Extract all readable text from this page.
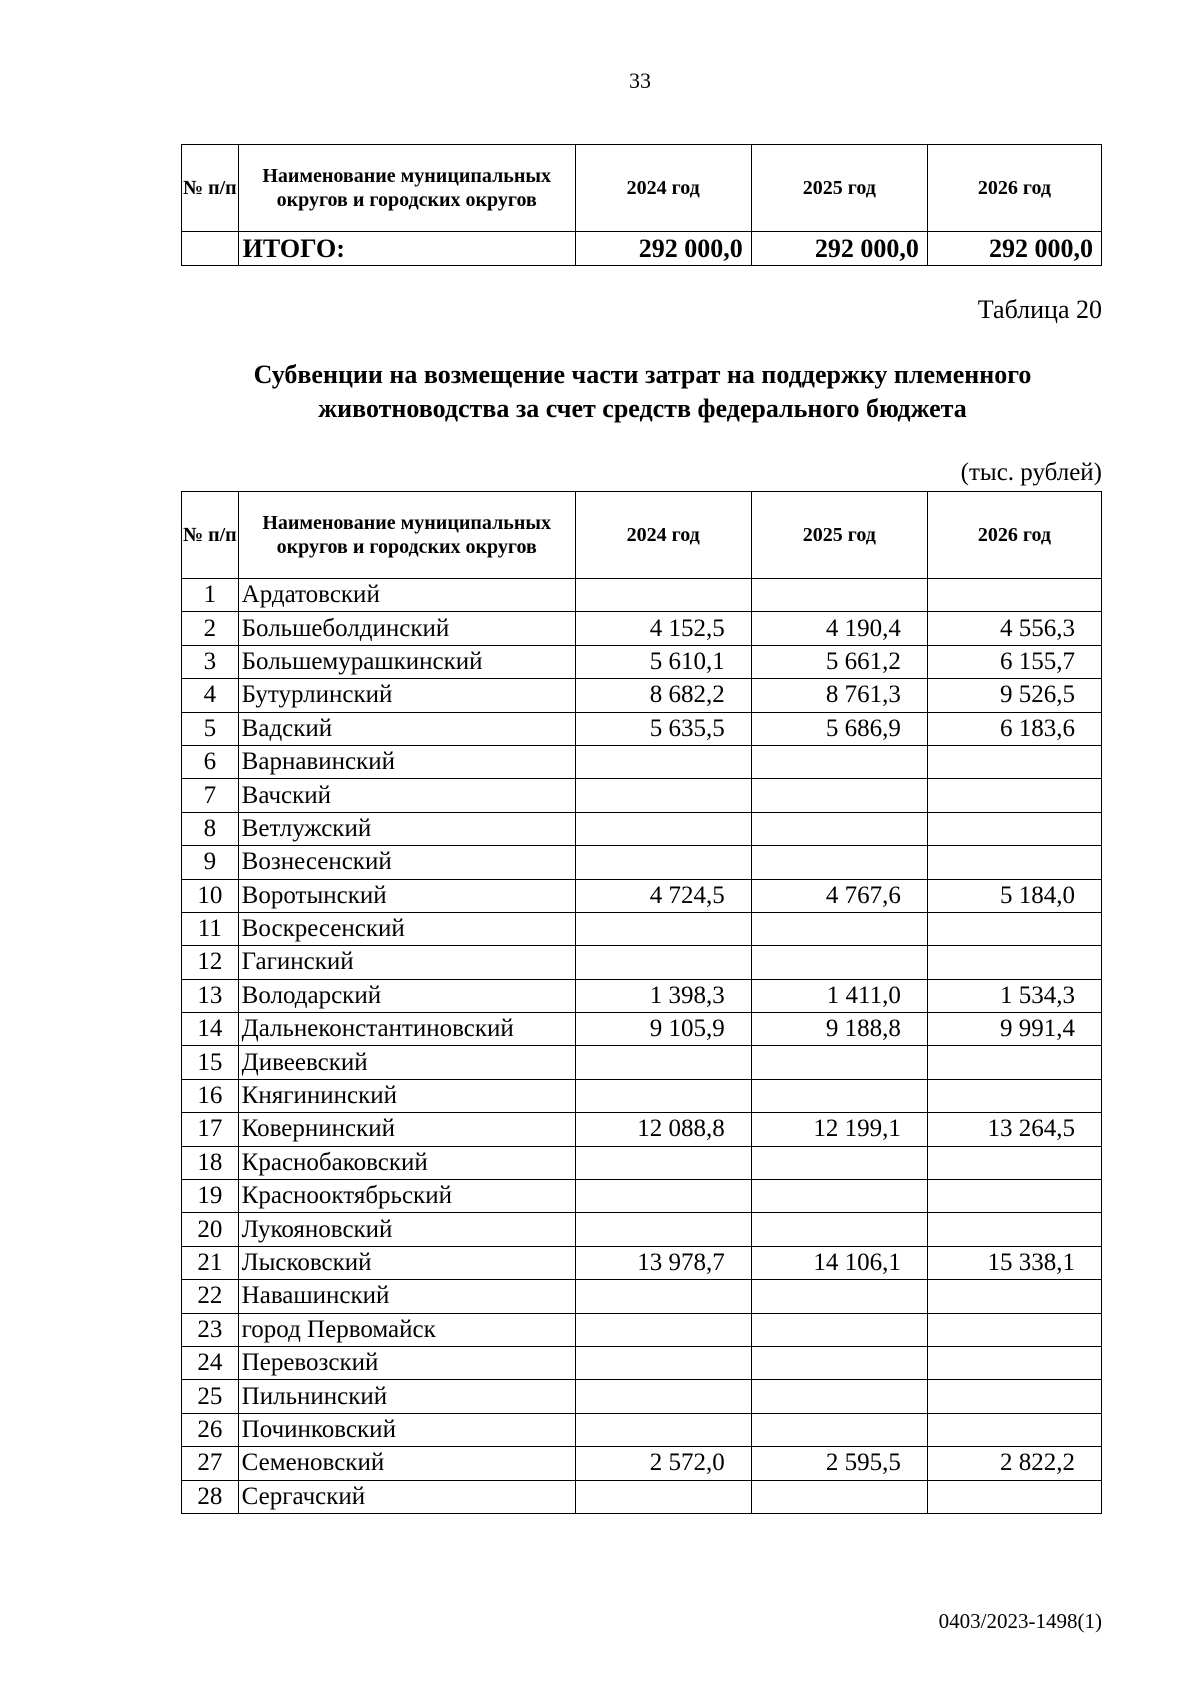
33
№ п/п	Наименование муниципальных округов и городских округов	2024 год	2025 год	2026 год
	ИТОГО:	292 000,0	292 000,0	292 000,0
Таблица 20
Субвенции на возмещение части затрат на поддержку племенного животноводства за счет средств федерального бюджета
(тыс. рублей)
№ п/п	Наименование муниципальных округов и городских округов	2024 год	2025 год	2026 год
1	Ардатовский			
2	Большеболдинский	4 152,5	4 190,4	4 556,3
3	Большемурашкинский	5 610,1	5 661,2	6 155,7
4	Бутурлинский	8 682,2	8 761,3	9 526,5
5	Вадский	5 635,5	5 686,9	6 183,6
6	Варнавинский			
7	Вачский			
8	Ветлужский			
9	Вознесенский			
10	Воротынский	4 724,5	4 767,6	5 184,0
11	Воскресенский			
12	Гагинский			
13	Володарский	1 398,3	1 411,0	1 534,3
14	Дальнеконстантиновский	9 105,9	9 188,8	9 991,4
15	Дивеевский			
16	Княгининский			
17	Ковернинский	12 088,8	12 199,1	13 264,5
18	Краснобаковский			
19	Краснооктябрьский			
20	Лукояновский			
21	Лысковский	13 978,7	14 106,1	15 338,1
22	Навашинский			
23	город Первомайск			
24	Перевозский			
25	Пильнинский			
26	Починковский			
27	Семеновский	2 572,0	2 595,5	2 822,2
28	Сергачский			
0403/2023-1498(1)
